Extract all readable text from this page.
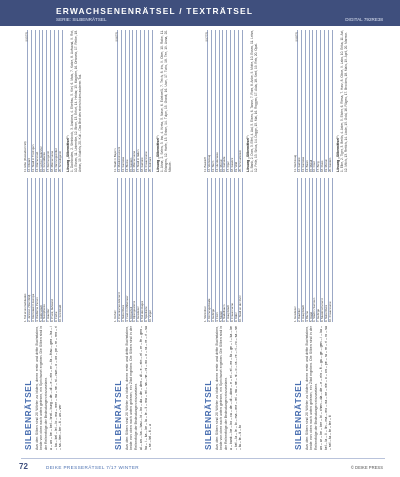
ERWACHSENENRÄTSEL / TEXTRÄTSEL
SERIE: SILBENRÄTSEL	DIGITAL 792RE38
SILBENRÄTSEL Aus den Silben sind 20 Wörter zu bilden, deren erste und dritte Buchstaben, beide von oben nach unten gelesen, ein Sprichwort ergeben. Die Silben sind in der Reihenfolge der Bedeutungen einzusetzen. a – an – be – bel – brot – burg – de – di – e – ein – er – fa – frau – gen – ha – i – ka – kel – lei – lo – ma – mer – na – ne – ni – nun – o – on – pe – re – ren – ri – sa – ten – ter – ti – un – ver
1. Teil eines Gebäudes 2. Jahresz. (Sternbild) 3. Kleinstaat in Europa 4. Weibliche Person 5. Hafenstadt 6. Nutzpflanze 7. Haustier 8. Prunk, Aufwand 9. Farbe 10. Großstadt
11. Elbe (Flussabschnitt) 12. Obstart 13. Stadt in Thüringen 14. Flächenmaß 15. Lehrer, Gelehrter 16. Grunddecke 17. Küchengerät 18. Männername 19. Nahrungsmittel 20. Schreibgerät
995TR
Lösung „Silbenrätsel“: 1. Dachboden, 2. Steinbock, 3. Andorra, 4. Ehefrau, 5. Kiel, 6. Mais, 7. Katze, 8. Aufwand, 9. Rot, 10. Essen, 11. Unterelbe, 12. Birne, 13. Erfurt, 14. Hektar, 15. Magister, 16. Ortsnetz, 17. Reibe, 18. Anton, 19. Nudeln, 20. Kuli – Das Brot des einen ist des anderen Tod.
SILBENRÄTSEL Aus den Silben sind 20 Wörter zu bilden, deren erste und dritte Buchstaben, beide von oben nach unten gelesen, ein Zitat ergeben. Die Silben sind in der Reihenfolge der Bedeutungen einzusetzen. al – an – ba – bau – bi – bo – da – de – den – di – e – ein – el – er – fe – gen – ha – i – ka – ke – la – le – li – ma – mi – na – ne – ni – no – o – ra – re – ri – sa – se – tel – ti – u
1. Vorfahr 2. Chemisches Element 3. Nebenfluss 4. Insel im Mittelmeer 5. Körperteil 6. Alpengewächs 7. Gewässer 8. Teil des Auges 9. Spielkarte 10. Vogel
11. Stadt in Bayern 12. Musikinstrument 13. Gemüse 14. Blume 15. Gestein 16. Männername 17. Stadt in Italien 18. Getränk 19. Frauenname 20. Zeitmaß
996TR
Lösung „Silbenrätsel“: 1. Ahne, 2. Selen, 3. Inn, 4. Kreta, 5. Nase, 6. Edelweiß, 7. Teich, 8. Iris, 9. Ober, 10. Rabe, 11. Erlangen, 12. Harfe, 13. Erbse, 14. Tulpe, 15. Granit, 16. Uwe, 17. Turin, 18. Tee, 19. Anna, 20. Minute.
SILBENRÄTSEL Aus den Silben sind 20 Wörter zu bilden, deren erste und dritte Buchstaben, beide von oben nach unten gelesen, ein Sprichwort ergeben. Die Silben sind in der Reihenfolge der Bedeutungen einzusetzen. a – bank – be – bo – ca – de – di – dom – e – ei – el – en – fa – ge – i – ka – ke – kel – la – le – lo – ma – me – mi – na – ne – ni – o – ra – re – ri – ro – sa – se – ta – te – ti – to
1. Sitzmöbel 2. Kirchengebäude 3. Gebirge 4. Fisch 5. Metall 6. Nadelbaum 7. Hauptstadt 8. Frauenname 9. Käfer 10. Stadt an der Ruhr
11. Baustoff 12. Werkzeug 13. Stern 14. Hunderasse 15. Monat 16. Getreide 17. Oper 18. Gewürz 19. Wild 20. Schmuckstein
997TR
Lösung „Silbenrätsel“: 1. Bank, 2. Dom, 3. Eifel, 4. Aal, 5. Eisen, 6. Tanne, 7. Rom, 8. Anke, 9. Motte, 10. Essen, 11. Lehm, 12. Feile, 13. Sirius, 14. Dogge, 15. Mai, 16. Roggen, 17. Aida, 18. Senf, 19. Reh, 20. Opal.
SILBENRÄTSEL Aus den Silben sind 20 Wörter zu bilden, deren erste und dritte Buchstaben, beide von oben nach unten gelesen, ein Zitat ergeben. Die Silben sind in der Reihenfolge der Bedeutungen einzusetzen. an – ar – be – ber – bi – chen – da – de – e – ein – fi – ga – ge – gen – i – ka – kel – la – li – lin – ma – mo – na – ne – nie – o – on – pe – ra – re – ri – ro – sa – sel – ta – te – ter – ti
1. Gewässer 2. Raubtier 3. Hauptstadt 4. Blume 5. Vogel 6. Stadt in Sachsen 7. Gebirge 8. Musikinstrument 9. Nebenfluss 10. Frauenname
11. Werkzeug 12. Getränk 13. Gemüse 14. Baum 15. Metall 16. Insel 17. Berg 18. Fluss 19. Monat 20. Gestein
998TR
Lösung „Silbenrätsel“: 1. Elbe, 2. Tiger, 3. Berlin, 4. Aster, 5. Elster, 6. Riesa, 7. Harz, 8. Oboe, 9. Lahn, 10. Erika, 11. Axt, 12. Milch, 13. Rettich, 14. Linde, 15. Gold, 16. Rügen, 17. Brocken, 18. Main, 19. April, 20. Marmor.
72	DEIKE PRESSERÄTSEL 7/17 WINTER	© DEIKE PRESS
